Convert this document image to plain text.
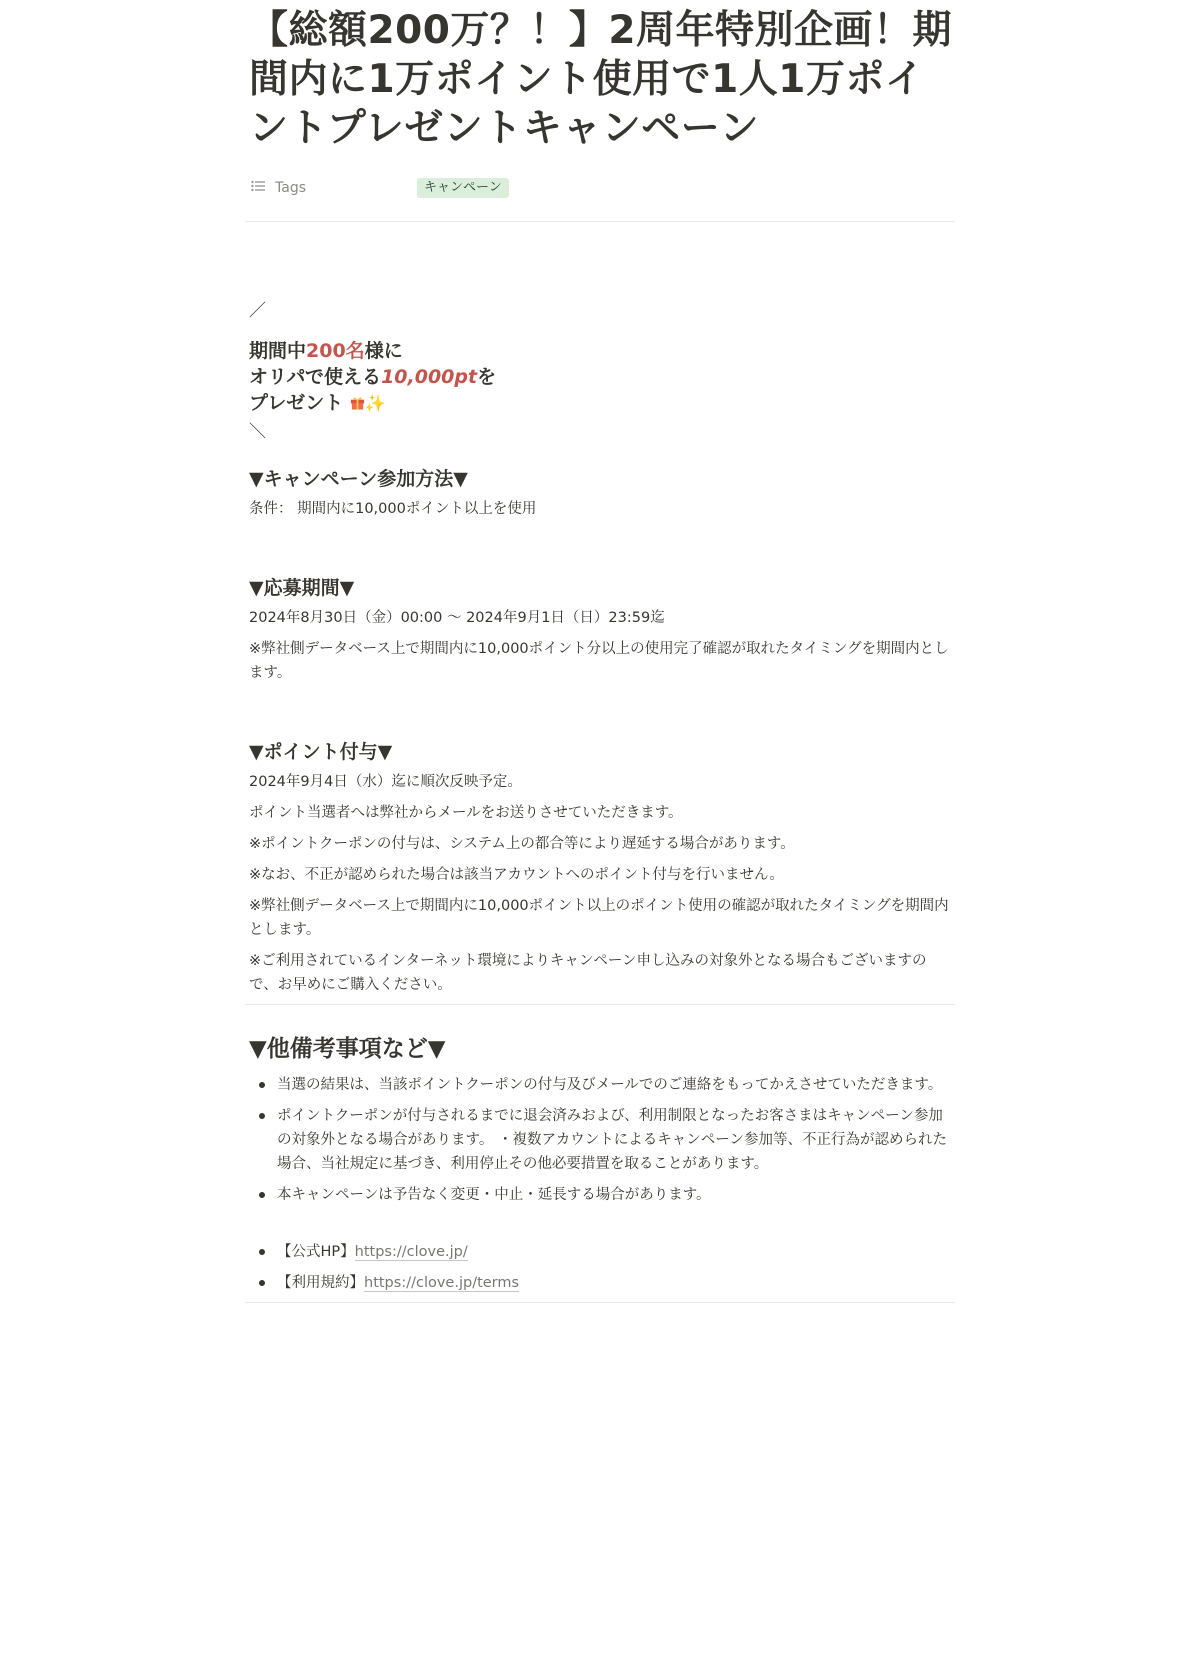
【総額200万？！】2周年特別企画！期間内に1万ポイント使用で1人1万ポイントプレゼントキャンペーン
Tags	キャンペーン
／
期間中200名様に
オリパで使える10,000ptを
プレゼント ✨
＼
▼キャンペーン参加方法▼

条件： 期間内に10,000ポイント以上を使用

▼応募期間▼

2024年8月30日（金）00:00 〜 2024年9月1日（日）23:59迄

※弊社側データベース上で期間内に10,000ポイント分以上の使用完了確認が取れたタイミングを期間内とします。

▼ポイント付与▼

2024年9月4日（水）迄に順次反映予定。

ポイント当選者へは弊社からメールをお送りさせていただきます。

※ポイントクーポンの付与は、システム上の都合等により遅延する場合があります。

※なお、不正が認められた場合は該当アカウントへのポイント付与を行いません。

※弊社側データベース上で期間内に10,000ポイント以上のポイント使用の確認が取れたタイミングを期間内とします。

※ご利用されているインターネット環境によりキャンペーン申し込みの対象外となる場合もございますので、お早めにご購入ください。

▼他備考事項など▼
当選の結果は、当該ポイントクーポンの付与及びメールでのご連絡をもってかえさせていただきます。
ポイントクーポンが付与されるまでに退会済みおよび、利用制限となったお客さまはキャンペーン参加の対象外となる場合があります。 ・複数アカウントによるキャンペーン参加等、不正行為が認められた場合、当社規定に基づき、利用停止その他必要措置を取ることがあります。
本キャンペーンは予告なく変更・中止・延長する場合があります。
【公式HP】https://clove.jp/
【利用規約】https://clove.jp/terms
